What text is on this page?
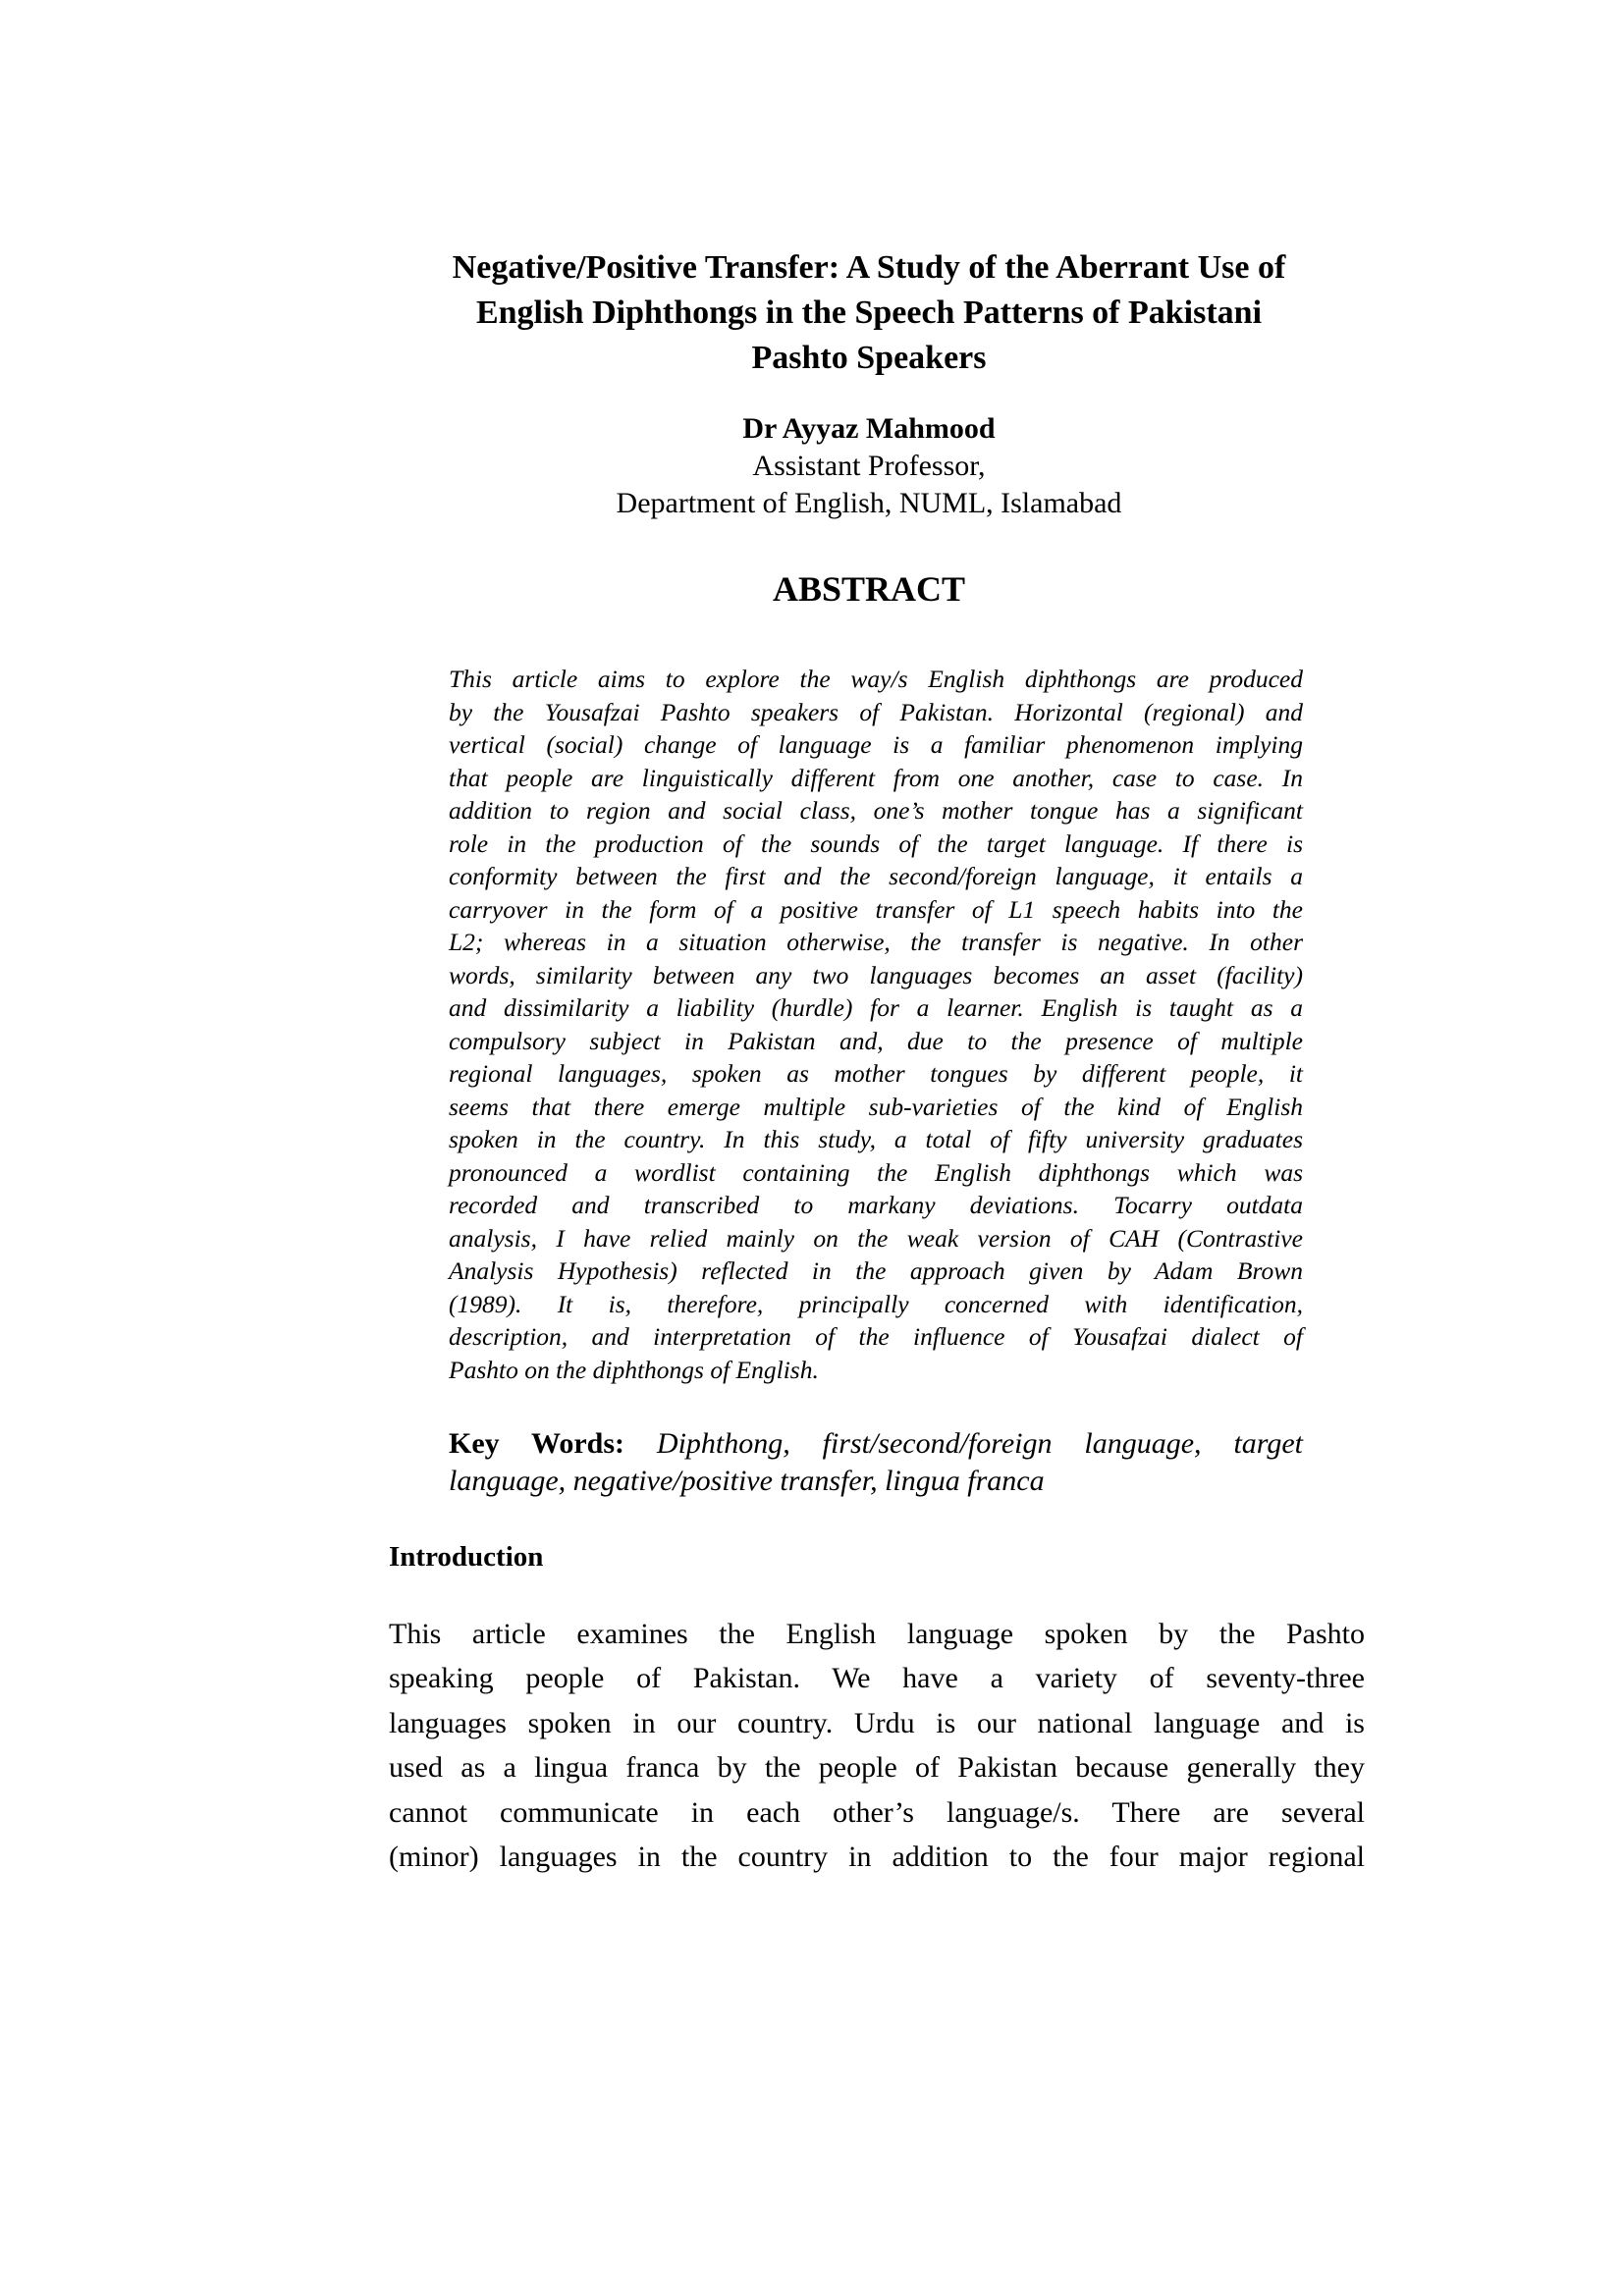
Negative/Positive Transfer: A Study of the Aberrant Use of
English Diphthongs in the Speech Patterns of Pakistani
Pashto Speakers
Dr Ayyaz Mahmood
Assistant Professor,
Department of English, NUML, Islamabad
ABSTRACT
This article aims to explore the way/s English diphthongs are produced
by the Yousafzai Pashto speakers of Pakistan. Horizontal (regional) and
vertical (social) change of language is a familiar phenomenon implying
that people are linguistically different from one another, case to case. In
addition to region and social class, one’s mother tongue has a significant
role in the production of the sounds of the target language. If there is
conformity between the first and the second/foreign language, it entails a
carryover in the form of a positive transfer of L1 speech habits into the
L2; whereas in a situation otherwise, the transfer is negative. In other
words, similarity between any two languages becomes an asset (facility)
and dissimilarity a liability (hurdle) for a learner. English is taught as a
compulsory subject in Pakistan and, due to the presence of multiple
regional languages, spoken as mother tongues by different people, it
seems that there emerge multiple sub-varieties of the kind of English
spoken in the country. In this study, a total of fifty university graduates
pronounced a wordlist containing the English diphthongs which was
recorded and transcribed to markany deviations. Tocarry outdata
analysis, I have relied mainly on the weak version of CAH (Contrastive
Analysis Hypothesis) reflected in the approach given by Adam Brown
(1989). It is, therefore, principally concerned with identification,
description, and interpretation of the influence of Yousafzai dialect of
Pashto on the diphthongs of English.
Key Words: Diphthong, first/second/foreign language, target
language, negative/positive transfer, lingua franca
Introduction
This article examines the English language spoken by the Pashto
speaking people of Pakistan. We have a variety of seventy-three
languages spoken in our country. Urdu is our national language and is
used as a lingua franca by the people of Pakistan because generally they
cannot communicate in each other’s language/s. There are several
(minor) languages in the country in addition to the four major regional
